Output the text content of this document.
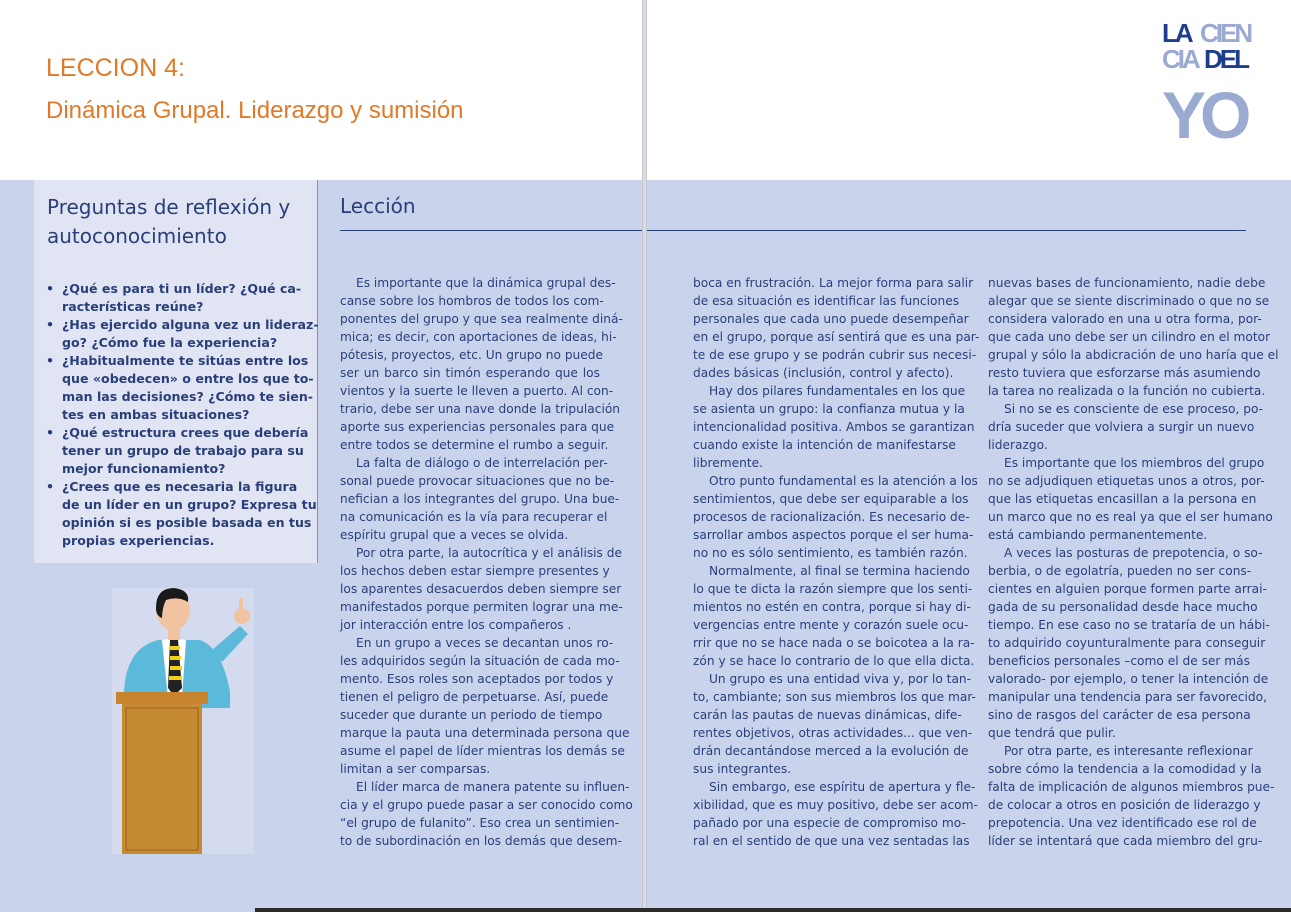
LECCION 4:
Dinámica Grupal. Liderazgo y sumisión	YO
LA CIEN
CIA DEL
Preguntas de reflexión y
autoconocimiento
• ¿Qué es para ti un líder? ¿Qué ca-
racterísticas reúne?
• ¿Has ejercido alguna vez un lideraz-
go? ¿Cómo fue la experiencia?
• ¿Habitualmente te sitúas entre los
que «obedecen» o entre los que to-
man las decisiones? ¿Cómo te sien-
tes en ambas situaciones?
• ¿Qué estructura crees que debería
tener un grupo de trabajo para su
mejor funcionamiento?
• ¿Crees que es necesaria la figura
de un líder en un grupo? Expresa tu
opinión si es posible basada en tus
propias experiencias.
Lección
Es importante que la dinámica grupal des-
canse sobre los hombros de todos los com-
ponentes del grupo y que sea realmente diná-
mica; es decir, con aportaciones de ideas, hi-
pótesis, proyectos, etc. Un grupo no puede
ser un barco sin timón esperando que los
vientos y la suerte le lleven a puerto. Al con-
trario, debe ser una nave donde la tripulación
aporte sus experiencias personales para que
entre todos se determine el rumbo a seguir.
La falta de diálogo o de interrelación per-
sonal puede provocar situaciones que no be-
nefician a los integrantes del grupo. Una bue-
na comunicación es la vía para recuperar el
espíritu grupal que a veces se olvida.
Por otra parte, la autocrítica y el análisis de
los hechos deben estar siempre presentes y
los aparentes desacuerdos deben siempre ser
manifestados porque permiten lograr una me-
jor interacción entre los compañeros .
En un grupo a veces se decantan unos ro-
les adquiridos según la situación de cada mo-
mento. Esos roles son aceptados por todos y
tienen el peligro de perpetuarse. Así, puede
suceder que durante un periodo de tiempo
marque la pauta una determinada persona que
asume el papel de líder mientras los demás se
limitan a ser comparsas.
El líder marca de manera patente su influen-
cia y el grupo puede pasar a ser conocido como
“el grupo de fulanito”. Eso crea un sentimien-
to de subordinación en los demás que desem-
boca en frustración. La mejor forma para salir
de esa situación es identificar las funciones
personales que cada uno puede desempeñar
en el grupo, porque así sentirá que es una par-
te de ese grupo y se podrán cubrir sus necesi-
dades básicas (inclusión, control y afecto).
Hay dos pilares fundamentales en los que
se asienta un grupo: la confianza mutua y la
intencionalidad positiva. Ambos se garantizan
cuando existe la intención de manifestarse
libremente.
Otro punto fundamental es la atención a los
sentimientos, que debe ser equiparable a los
procesos de racionalización. Es necesario de-
sarrollar ambos aspectos porque el ser huma-
no no es sólo sentimiento, es también razón.
Normalmente, al final se termina haciendo
lo que te dicta la razón siempre que los senti-
mientos no estén en contra, porque si hay di-
vergencias entre mente y corazón suele ocu-
rrir que no se hace nada o se boicotea a la ra-
zón y se hace lo contrario de lo que ella dicta.
Un grupo es una entidad viva y, por lo tan-
to, cambiante; son sus miembros los que mar-
carán las pautas de nuevas dinámicas, dife-
rentes objetivos, otras actividades... que ven-
drán decantándose merced a la evolución de
sus integrantes.
Sin embargo, ese espíritu de apertura y fle-
xibilidad, que es muy positivo, debe ser acom-
pañado por una especie de compromiso mo-
ral en el sentido de que una vez sentadas las
nuevas bases de funcionamiento, nadie debe
alegar que se siente discriminado o que no se
considera valorado en una u otra forma, por-
que cada uno debe ser un cilindro en el motor
grupal y sólo la abdicración de uno haría que el
resto tuviera que esforzarse más asumiendo
la tarea no realizada o la función no cubierta.
Si no se es consciente de ese proceso, po-
dría suceder que volviera a surgir un nuevo
liderazgo.
Es importante que los miembros del grupo
no se adjudiquen etiquetas unos a otros, por-
que las etiquetas encasillan a la persona en
un marco que no es real ya que el ser humano
está cambiando permanentemente.
A veces las posturas de prepotencia, o so-
berbia, o de egolatría, pueden no ser cons-
cientes en alguien porque formen parte arrai-
gada de su personalidad desde hace mucho
tiempo. En ese caso no se trataría de un hábi-
to adquirido coyunturalmente para conseguir
beneficios personales –como el de ser más
valorado- por ejemplo, o tener la intención de
manipular una tendencia para ser favorecido,
sino de rasgos del carácter de esa persona
que tendrá que pulir.
Por otra parte, es interesante reflexionar
sobre cómo la tendencia a la comodidad y la
falta de implicación de algunos miembros pue-
de colocar a otros en posición de liderazgo y
prepotencia. Una vez identificado ese rol de
líder se intentará que cada miembro del gru-
